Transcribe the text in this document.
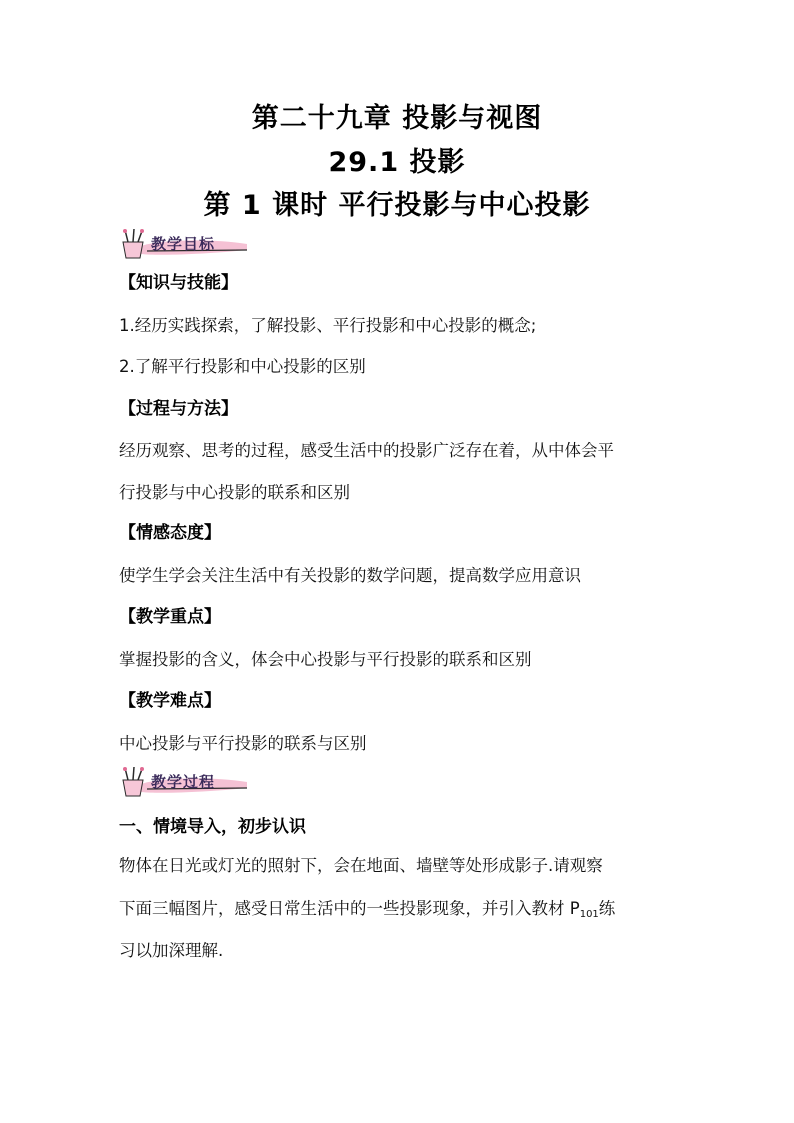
第二十九章 投影与视图
29.1 投影
第 1 课时 平行投影与中心投影
教学目标
【知识与技能】
1.经历实践探索，了解投影、平行投影和中心投影的概念;
2.了解平行投影和中心投影的区别
【过程与方法】
经历观察、思考的过程，感受生活中的投影广泛存在着，从中体会平
行投影与中心投影的联系和区别
【情感态度】
使学生学会关注生活中有关投影的数学问题，提高数学应用意识
【教学重点】
掌握投影的含义，体会中心投影与平行投影的联系和区别
【教学难点】
中心投影与平行投影的联系与区别
教学过程
一、情境导入，初步认识
物体在日光或灯光的照射下，会在地面、墙壁等处形成影子.请观察
下面三幅图片，感受日常生活中的一些投影现象，并引入教材 $P_{101}$练
习以加深理解.
